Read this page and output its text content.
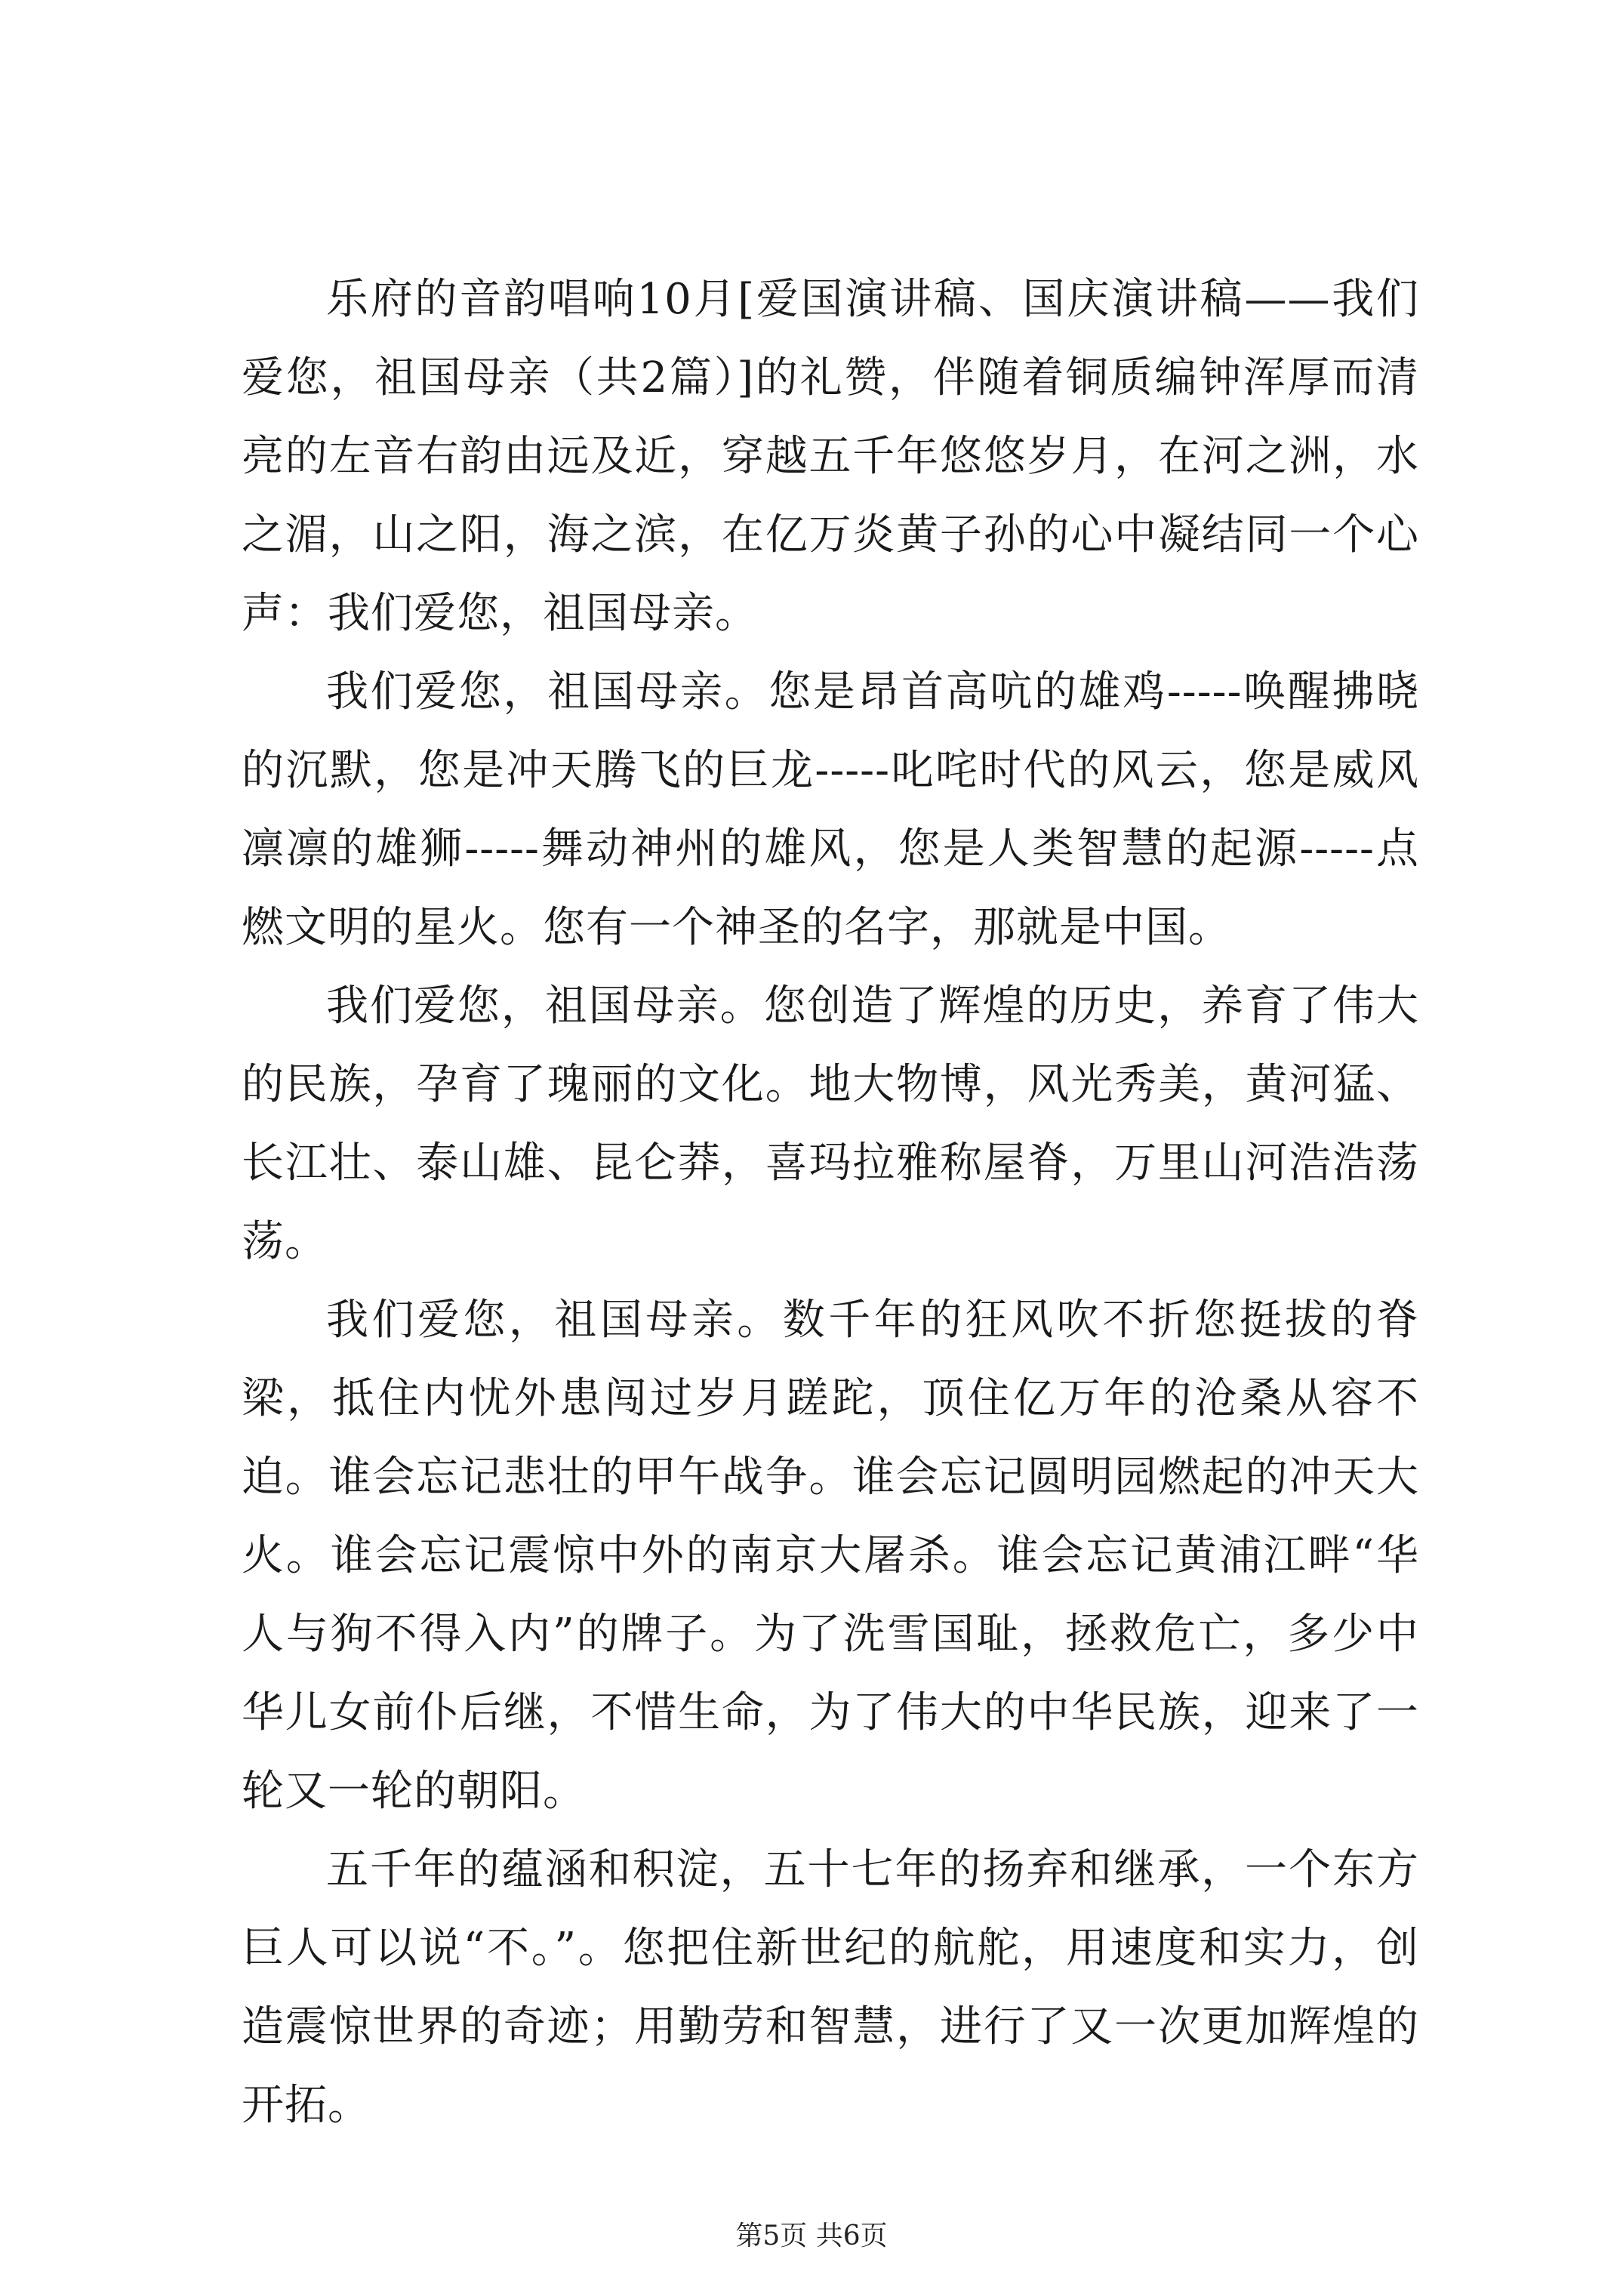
乐府的音韵唱响10月[爱国演讲稿、国庆演讲稿——我们爱您，祖国母亲（共2篇）]的礼赞，伴随着铜质编钟浑厚而清亮的左音右韵由远及近，穿越五千年悠悠岁月，在河之洲，水之湄，山之阳，海之滨，在亿万炎黄子孙的心中凝结同一个心声：我们爱您，祖国母亲。

我们爱您，祖国母亲。您是昂首高吭的雄鸡-----唤醒拂晓的沉默，您是冲天腾飞的巨龙-----叱咤时代的风云，您是威风凛凛的雄狮-----舞动神州的雄风，您是人类智慧的起源-----点燃文明的星火。您有一个神圣的名字，那就是中国。

我们爱您，祖国母亲。您创造了辉煌的历史，养育了伟大的民族，孕育了瑰丽的文化。地大物博，风光秀美，黄河猛、长江壮、泰山雄、昆仑莽，喜玛拉雅称屋脊，万里山河浩浩荡荡。

我们爱您，祖国母亲。数千年的狂风吹不折您挺拔的脊梁，抵住内忧外患闯过岁月蹉跎，顶住亿万年的沧桑从容不迫。谁会忘记悲壮的甲午战争。谁会忘记圆明园燃起的冲天大火。谁会忘记震惊中外的南京大屠杀。谁会忘记黄浦江畔“华人与狗不得入内”的牌子。为了洗雪国耻，拯救危亡，多少中华儿女前仆后继，不惜生命，为了伟大的中华民族，迎来了一轮又一轮的朝阳。

五千年的蕴涵和积淀，五十七年的扬弃和继承，一个东方巨人可以说“不。”。您把住新世纪的航舵，用速度和实力，创造震惊世界的奇迹；用勤劳和智慧，进行了又一次更加辉煌的开拓。

第5页 共6页
